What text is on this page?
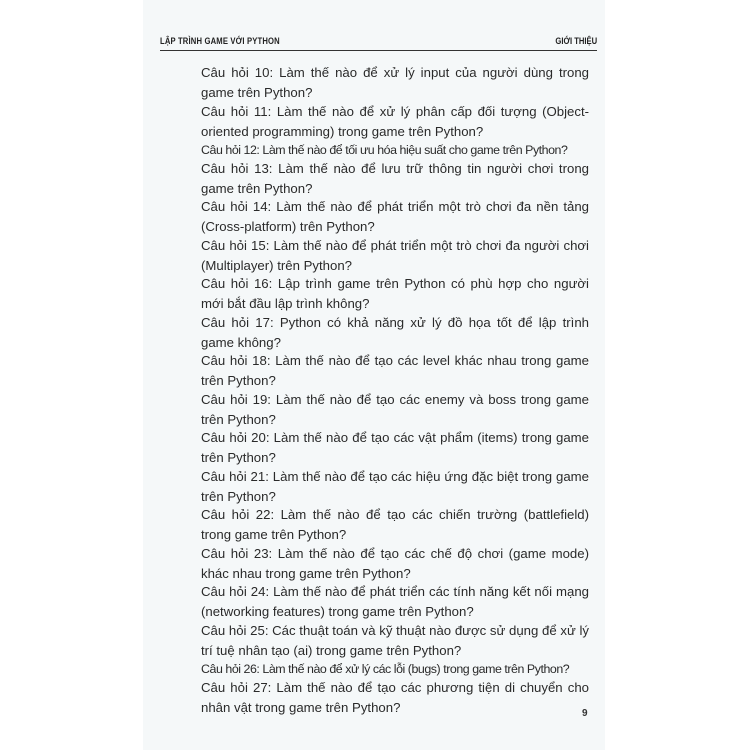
LẬP TRÌNH GAME VỚI PYTHON	GIỚI THIỆU

Câu hỏi 10: Làm thế nào để xử lý input của người dùng trong game trên Python?

Câu hỏi 11: Làm thế nào để xử lý phân cấp đối tượng (Object-oriented programming) trong game trên Python?

Câu hỏi 12: Làm thế nào để tối ưu hóa hiệu suất cho game trên Python?

Câu hỏi 13: Làm thế nào để lưu trữ thông tin người chơi trong game trên Python?

Câu hỏi 14: Làm thế nào để phát triển một trò chơi đa nền tảng (Cross-platform) trên Python?

Câu hỏi 15: Làm thế nào để phát triển một trò chơi đa người chơi (Multiplayer) trên Python?

Câu hỏi 16: Lập trình game trên Python có phù hợp cho người mới bắt đầu lập trình không?

Câu hỏi 17: Python có khả năng xử lý đồ họa tốt để lập trình game không?

Câu hỏi 18: Làm thế nào để tạo các level khác nhau trong game trên Python?

Câu hỏi 19: Làm thế nào để tạo các enemy và boss trong game trên Python?

Câu hỏi 20: Làm thế nào để tạo các vật phẩm (items) trong game trên Python?

Câu hỏi 21: Làm thế nào để tạo các hiệu ứng đặc biệt trong game trên Python?

Câu hỏi 22: Làm thế nào để tạo các chiến trường (battlefield) trong game trên Python?

Câu hỏi 23: Làm thế nào để tạo các chế độ chơi (game mode) khác nhau trong game trên Python?

Câu hỏi 24: Làm thế nào để phát triển các tính năng kết nối mạng (networking features) trong game trên Python?

Câu hỏi 25: Các thuật toán và kỹ thuật nào được sử dụng để xử lý trí tuệ nhân tạo (ai) trong game trên Python?

Câu hỏi 26: Làm thế nào để xử lý các lỗi (bugs) trong game trên Python?

Câu hỏi 27: Làm thế nào để tạo các phương tiện di chuyển cho nhân vật trong game trên Python?	9
